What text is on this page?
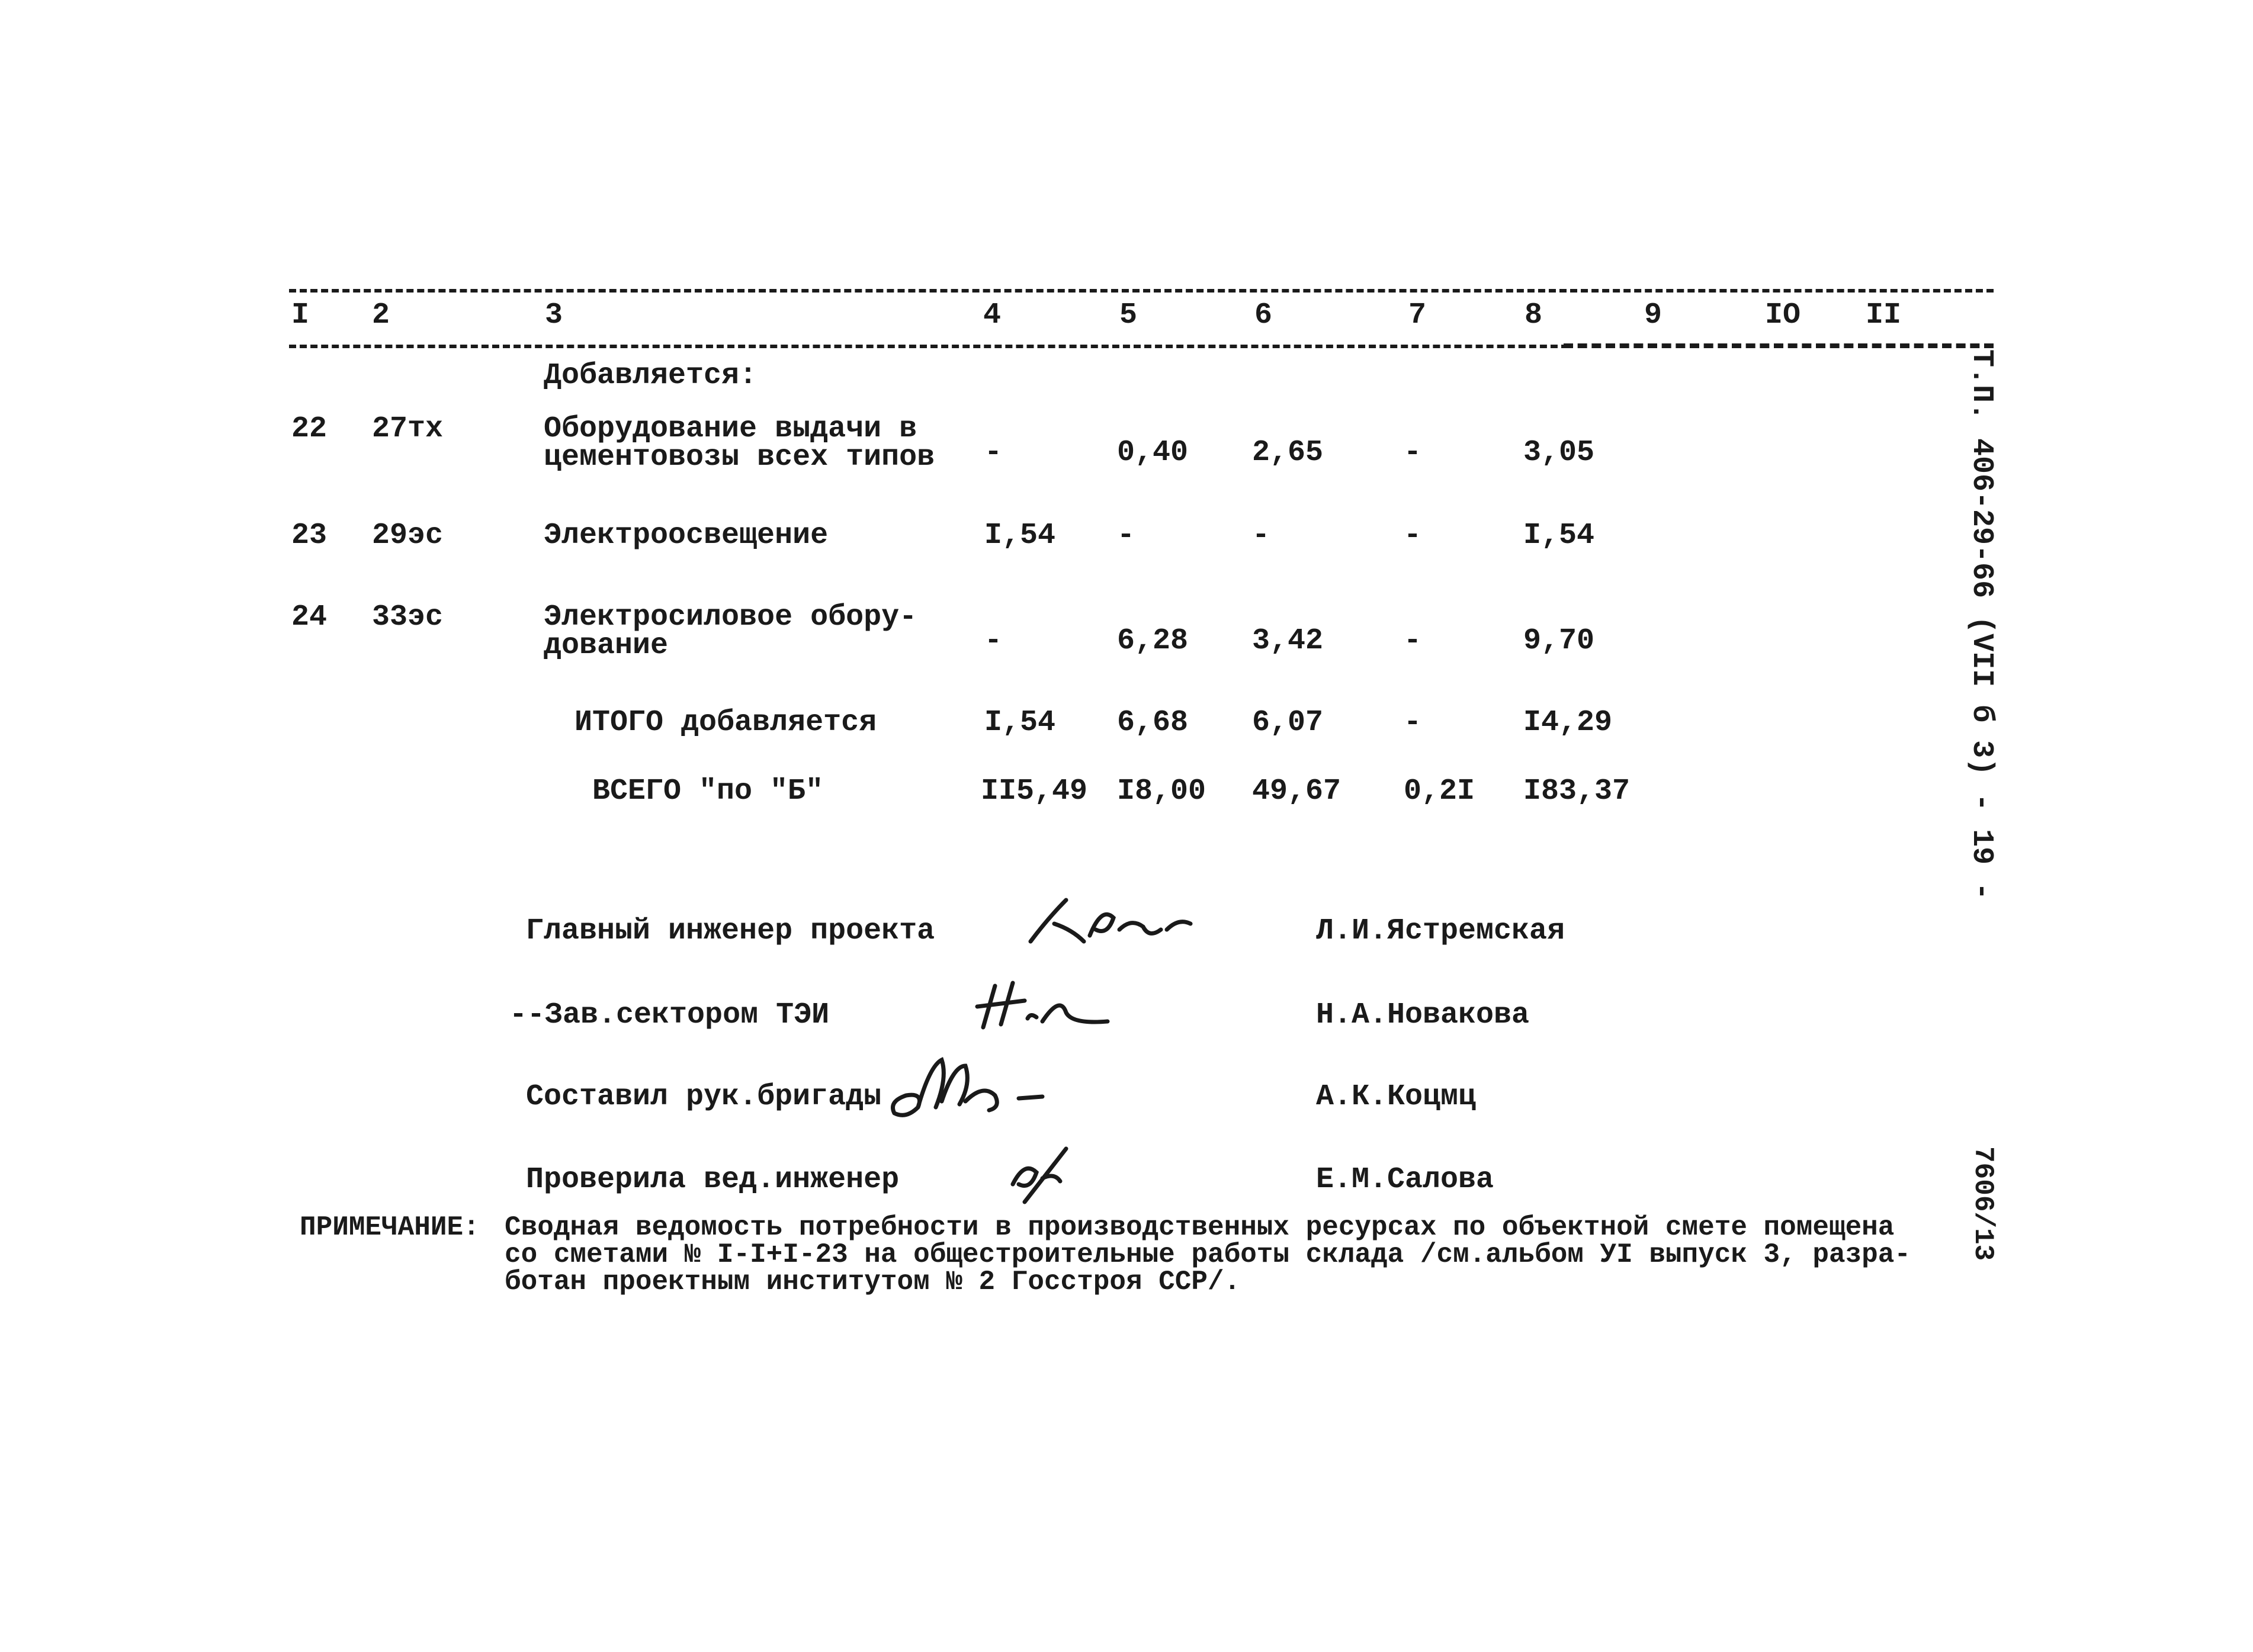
I 2	3	4	5	6	7	8	9	IO II
Добавляется:
22 27тх	Оборудование выдачи в
цементовозы всех типов -	0,40 2,65	-	3,05
23 29эс	Электроосвещение	I,54 -	-	-	I,54
24 33эс	Электросиловое обору-
дование	-	6,28 3,42	-	9,70
ИТОГО добавляется	I,54 6,68 6,07	-	I4,29
ВСЕГО "по "Б"	II5,49 I8,00 49,67 0,2I I83,37
Главный инженер проекта	Л.И.Ястремская
--Зав.сектором ТЭИ	Н.А.Новакова
Составил рук.бригады	А.К.Коцмц
Проверила вед.инженер	Е.М.Салова
ПРИМЕЧАНИЕ: Сводная ведомость потребности в производственных ресурсах по объектной смете помещена
со сметами № I-I+I-23 на общестроительные работы склада /см.альбом УI выпуск 3, разра-
ботан проектным институтом № 2 Госстроя ССР/.
Т.П. 406-29-66 (VII б 3) - 19 -
7606/13
